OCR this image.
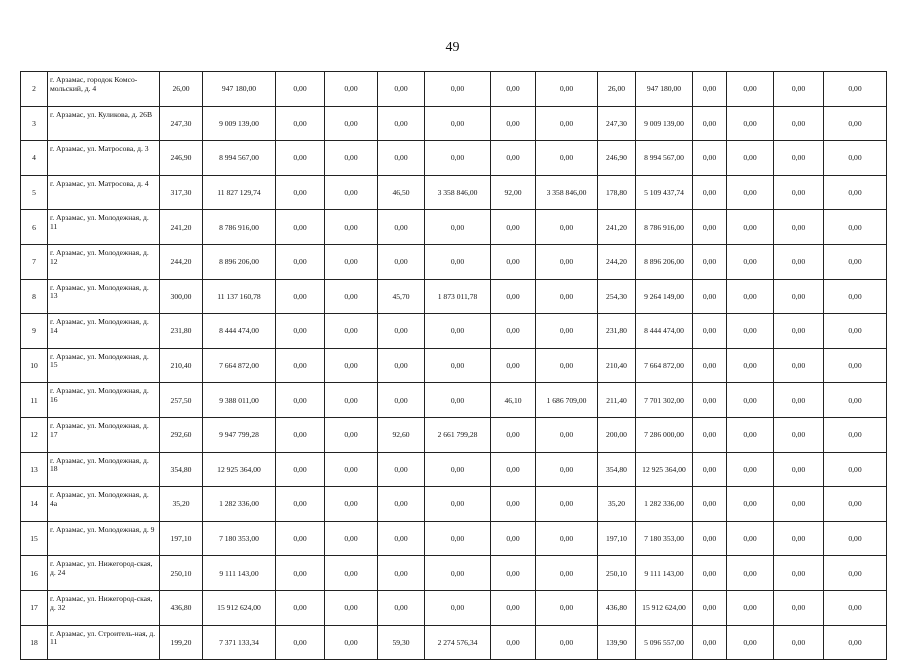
49
2	г. Арзамас, городок Комсо-мольский, д. 4	26,00	947 180,00	0,00	0,00	0,00	0,00	0,00	0,00	26,00	947 180,00	0,00	0,00	0,00	0,00
3	г. Арзамас, ул. Куликова, д. 26В	247,30	9 009 139,00	0,00	0,00	0,00	0,00	0,00	0,00	247,30	9 009 139,00	0,00	0,00	0,00	0,00
4	г. Арзамас, ул. Матросова, д. 3	246,90	8 994 567,00	0,00	0,00	0,00	0,00	0,00	0,00	246,90	8 994 567,00	0,00	0,00	0,00	0,00
5	г. Арзамас, ул. Матросова, д. 4	317,30	11 827 129,74	0,00	0,00	46,50	3 358 846,00	92,00	3 358 846,00	178,80	5 109 437,74	0,00	0,00	0,00	0,00
6	г. Арзамас, ул. Молодежная, д. 11	241,20	8 786 916,00	0,00	0,00	0,00	0,00	0,00	0,00	241,20	8 786 916,00	0,00	0,00	0,00	0,00
7	г. Арзамас, ул. Молодежная, д. 12	244,20	8 896 206,00	0,00	0,00	0,00	0,00	0,00	0,00	244,20	8 896 206,00	0,00	0,00	0,00	0,00
8	г. Арзамас, ул. Молодежная, д. 13	300,00	11 137 160,78	0,00	0,00	45,70	1 873 011,78	0,00	0,00	254,30	9 264 149,00	0,00	0,00	0,00	0,00
9	г. Арзамас, ул. Молодежная, д. 14	231,80	8 444 474,00	0,00	0,00	0,00	0,00	0,00	0,00	231,80	8 444 474,00	0,00	0,00	0,00	0,00
10	г. Арзамас, ул. Молодежная, д. 15	210,40	7 664 872,00	0,00	0,00	0,00	0,00	0,00	0,00	210,40	7 664 872,00	0,00	0,00	0,00	0,00
11	г. Арзамас, ул. Молодежная, д. 16	257,50	9 388 011,00	0,00	0,00	0,00	0,00	46,10	1 686 709,00	211,40	7 701 302,00	0,00	0,00	0,00	0,00
12	г. Арзамас, ул. Молодежная, д. 17	292,60	9 947 799,28	0,00	0,00	92,60	2 661 799,28	0,00	0,00	200,00	7 286 000,00	0,00	0,00	0,00	0,00
13	г. Арзамас, ул. Молодежная, д. 18	354,80	12 925 364,00	0,00	0,00	0,00	0,00	0,00	0,00	354,80	12 925 364,00	0,00	0,00	0,00	0,00
14	г. Арзамас, ул. Молодежная, д. 4а	35,20	1 282 336,00	0,00	0,00	0,00	0,00	0,00	0,00	35,20	1 282 336,00	0,00	0,00	0,00	0,00
15	г. Арзамас, ул. Молодежная, д. 9	197,10	7 180 353,00	0,00	0,00	0,00	0,00	0,00	0,00	197,10	7 180 353,00	0,00	0,00	0,00	0,00
16	г. Арзамас, ул. Нижегород-ская, д. 24	250,10	9 111 143,00	0,00	0,00	0,00	0,00	0,00	0,00	250,10	9 111 143,00	0,00	0,00	0,00	0,00
17	г. Арзамас, ул. Нижегород-ская, д. 32	436,80	15 912 624,00	0,00	0,00	0,00	0,00	0,00	0,00	436,80	15 912 624,00	0,00	0,00	0,00	0,00
18	г. Арзамас, ул. Строитель-ная, д. 11	199,20	7 371 133,34	0,00	0,00	59,30	2 274 576,34	0,00	0,00	139,90	5 096 557,00	0,00	0,00	0,00	0,00
